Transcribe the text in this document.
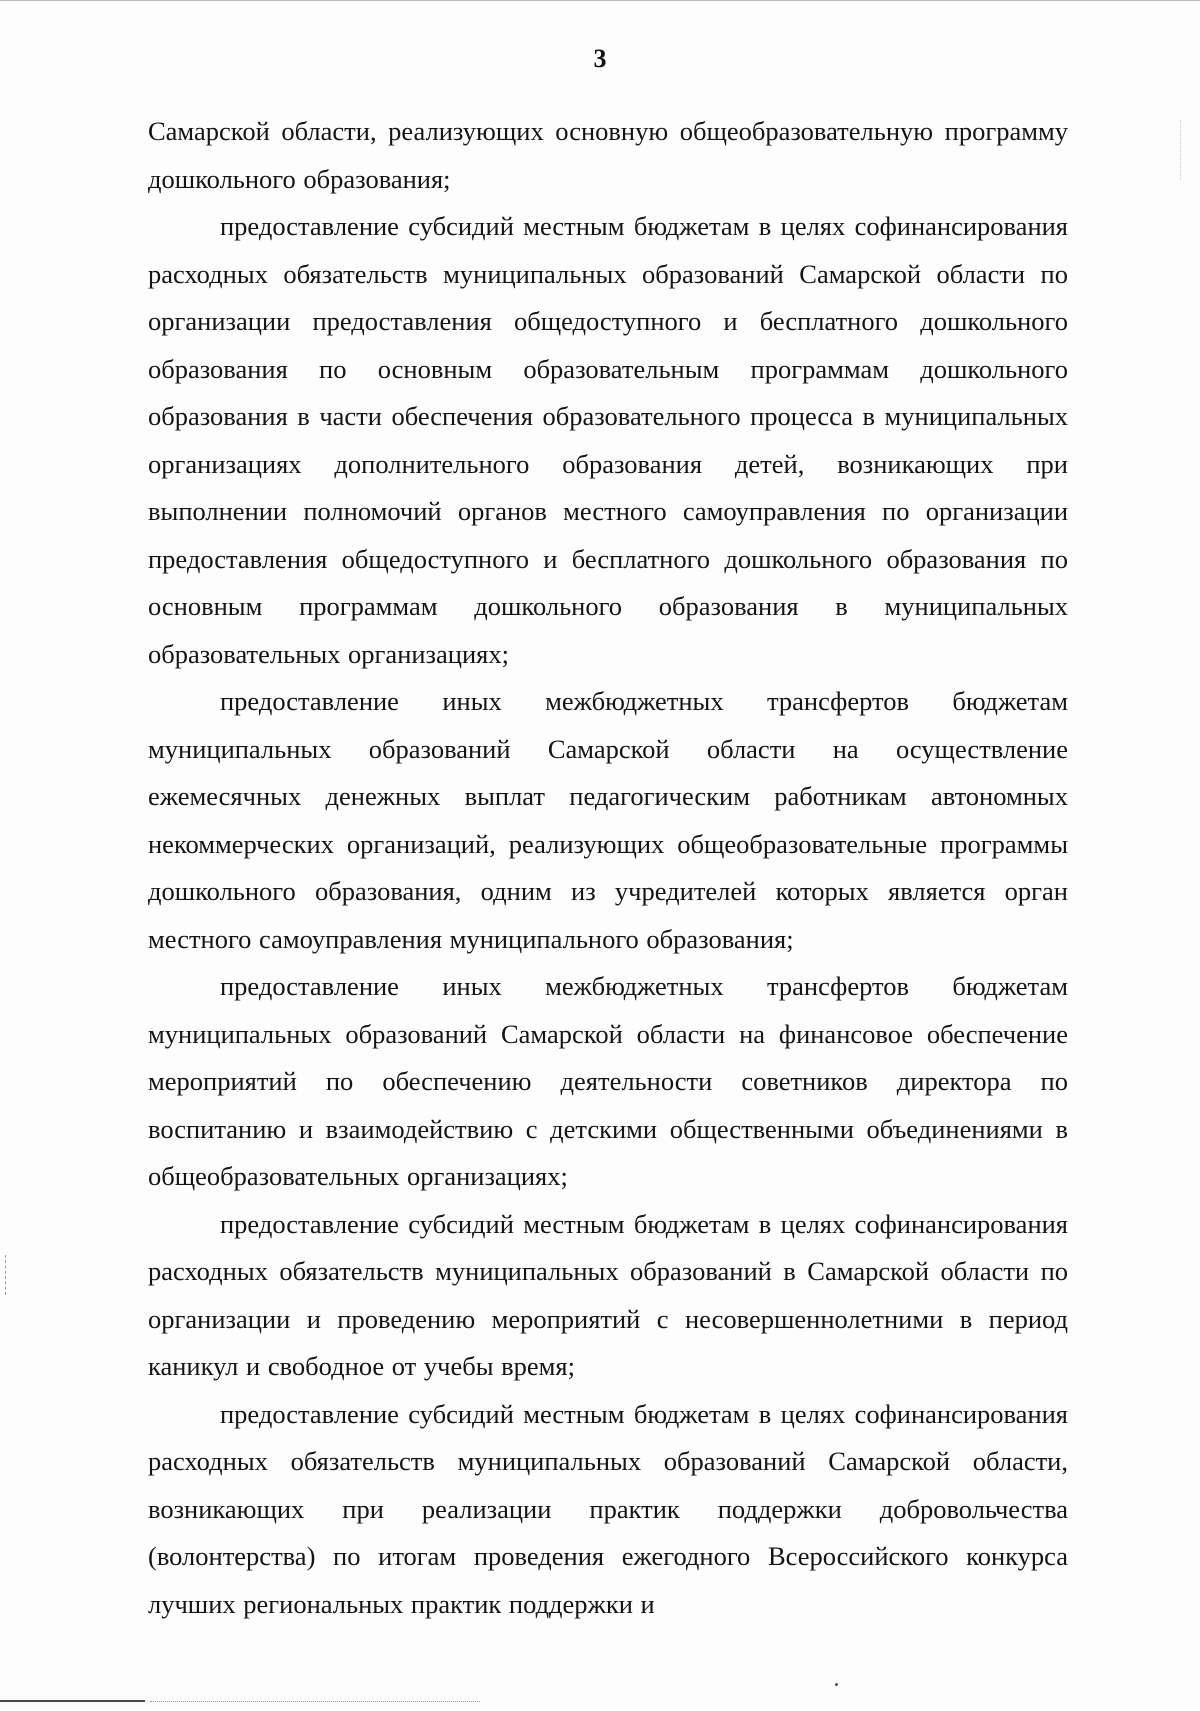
3

Самарской области, реализующих основную общеобразовательную программу дошкольного образования;

предоставление субсидий местным бюджетам в целях софинансирования расходных обязательств муниципальных образований Самарской области по организации предоставления общедоступного и бесплатного дошкольного образования по основным образовательным программам дошкольного образования в части обеспечения образовательного процесса в муниципальных организациях дополнительного образования детей, возникающих при выполнении полномочий органов местного самоуправления по организации предоставления общедоступного и бесплатного дошкольного образования по основным программам дошкольного образования в муниципальных образовательных организациях;

предоставление иных межбюджетных трансфертов бюджетам муниципальных образований Самарской области на осуществление ежемесячных денежных выплат педагогическим работникам автономных некоммерческих организаций, реализующих общеобразовательные программы дошкольного образования, одним из учредителей которых является орган местного самоуправления муниципального образования;

предоставление иных межбюджетных трансфертов бюджетам муниципальных образований Самарской области на финансовое обеспечение мероприятий по обеспечению деятельности советников директора по воспитанию и взаимодействию с детскими общественными объединениями в общеобразовательных организациях;

предоставление субсидий местным бюджетам в целях софинансирования расходных обязательств муниципальных образований в Самарской области по организации и проведению мероприятий с несовершеннолетними в период каникул и свободное от учебы время;

предоставление субсидий местным бюджетам в целях софинансирования расходных обязательств муниципальных образований Самарской области, возникающих при реализации практик поддержки добровольчества (волонтерства) по итогам проведения ежегодного Всероссийского конкурса лучших региональных практик поддержки и
